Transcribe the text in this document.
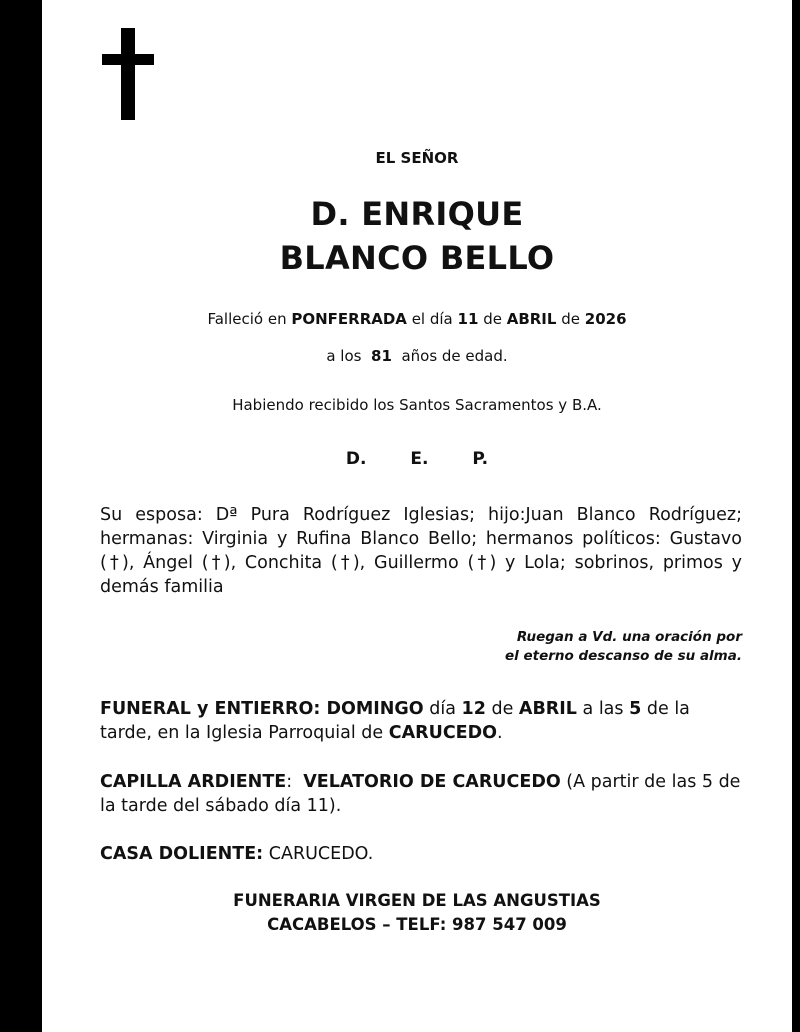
EL SEÑOR
D. ENRIQUE
BLANCO BELLO
Falleció en PONFERRADA el día 11 de ABRIL de 2026
a los 81 años de edad.
Habiendo recibido los Santos Sacramentos y B.A.
D.	E.	P.
Su esposa: Dª Pura Rodríguez Iglesias; hijo:Juan Blanco Rodríguez; hermanas: Virginia y Rufina Blanco Bello; hermanos políticos: Gustavo (†), Ángel (†), Conchita (†), Guillermo (†) y Lola; sobrinos, primos y demás familia
Ruegan a Vd. una oración por
el eterno descanso de su alma.
FUNERAL y ENTIERRO: DOMINGO día 12 de ABRIL a las 5 de la tarde, en la Iglesia Parroquial de CARUCEDO.
CAPILLA ARDIENTE: VELATORIO DE CARUCEDO (A partir de las 5 de la tarde del sábado día 11).
CASA DOLIENTE: CARUCEDO.
FUNERARIA VIRGEN DE LAS ANGUSTIAS
CACABELOS – TELF: 987 547 009
